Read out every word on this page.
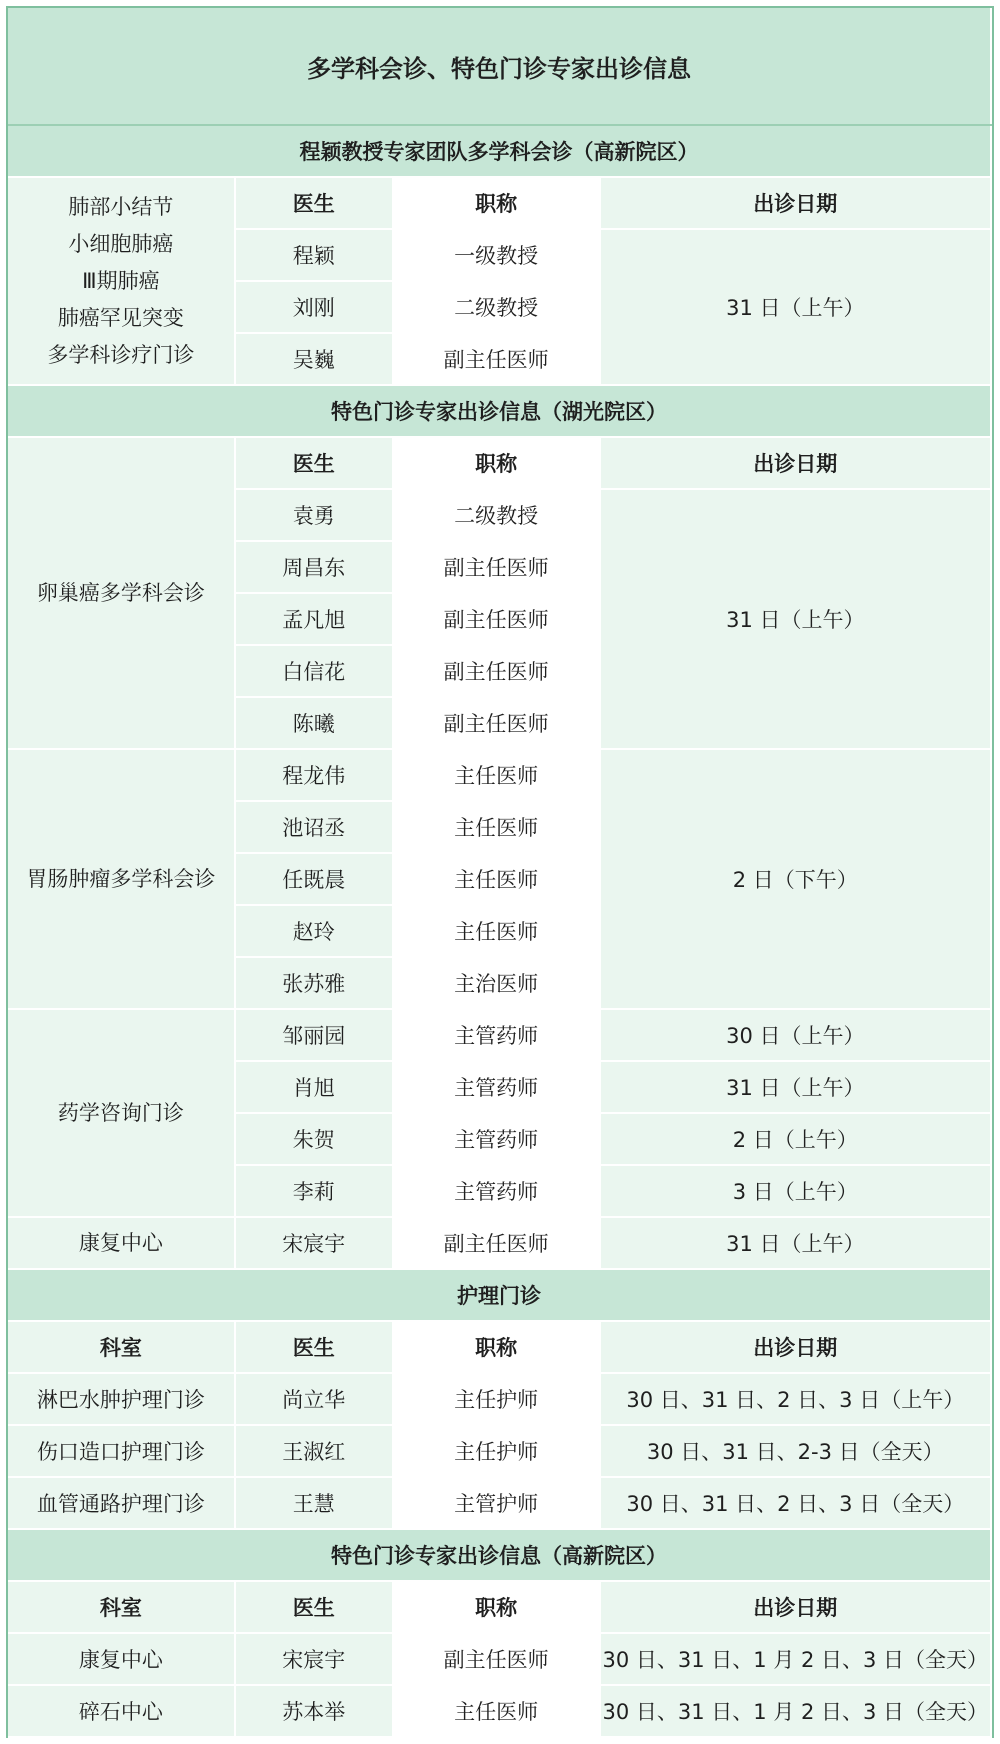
多学科会诊、特色门诊专家出诊信息			
程颖教授专家团队多学科会诊（高新院区）			

肺部小结节
小细胞肺癌
Ⅲ期肺癌
肺癌罕见突变
多学科诊疗门诊	医生	职称	出诊日期
	程颖	一级教授	31 日（上午）
	刘刚	二级教授	
	吴巍	副主任医师	
特色门诊专家出诊信息（湖光院区）			
卵巢癌多学科会诊	医生	职称	出诊日期
	袁勇	二级教授	31 日（上午）
	周昌东	副主任医师	
	孟凡旭	副主任医师	
	白信花	副主任医师	
	陈曦	副主任医师	
胃肠肿瘤多学科会诊	程龙伟	主任医师	2 日（下午）
	池诏丞	主任医师	
	任既晨	主任医师	
	赵玲	主任医师	
	张苏雅	主治医师	
药学咨询门诊	邹丽园	主管药师	30 日（上午）
	肖旭	主管药师	31 日（上午）
	朱贺	主管药师	2 日（上午）
	李莉	主管药师	3 日（上午）
康复中心	宋宸宇	副主任医师	31 日（上午）
护理门诊			
科室	医生	职称	出诊日期
淋巴水肿护理门诊	尚立华	主任护师	30 日、31 日、2 日、3 日（上午）
伤口造口护理门诊	王淑红	主任护师	30 日、31 日、2-3 日（全天）
血管通路护理门诊	王慧	主管护师	30 日、31 日、2 日、3 日（全天）
特色门诊专家出诊信息（高新院区）			
科室	医生	职称	出诊日期
康复中心	宋宸宇	副主任医师	30 日、31 日、1 月 2 日、3 日（全天）
碎石中心	苏本举	主任医师	30 日、31 日、1 月 2 日、3 日（全天）
